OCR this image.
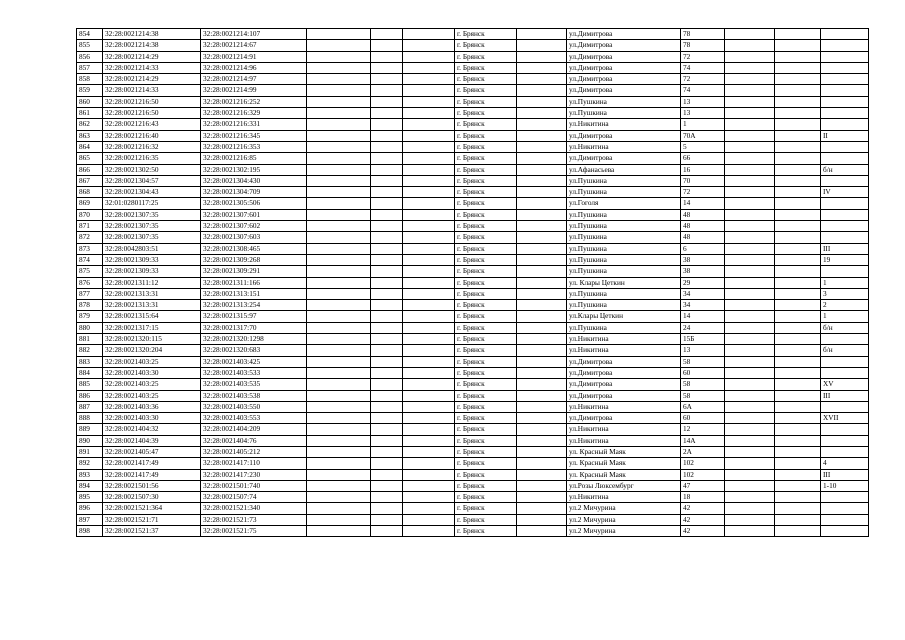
854	32:28:0021214:38	32:28:0021214:107				г. Брянск		ул.Димитрова	78			
855	32:28:0021214:38	32:28:0021214:67				г. Брянск		ул.Димитрова	78			
856	32:28:0021214:29	32:28:0021214:91				г. Брянск		ул.Димитрова	72			
857	32:28:0021214:33	32:28:0021214:96				г. Брянск		ул.Димитрова	74			
858	32:28:0021214:29	32:28:0021214:97				г. Брянск		ул.Димитрова	72			
859	32:28:0021214:33	32:28:0021214:99				г. Брянск		ул.Димитрова	74			
860	32:28:0021216:50	32:28:0021216:252				г. Брянск		ул.Пушкина	13			
861	32:28:0021216:50	32:28:0021216:329				г. Брянск		ул.Пушкина	13			
862	32:28:0021216:43	32:28:0021216:331				г. Брянск		ул.Никитина	1			
863	32:28:0021216:40	32:28:0021216:345				г. Брянск		ул.Димитрова	70А			II
864	32:28:0021216:32	32:28:0021216:353				г. Брянск		ул.Никитина	5			
865	32:28:0021216:35	32:28:0021216:85				г. Брянск		ул.Димитрова	66			
866	32:28:0021302:50	32:28:0021302:195				г. Брянск		ул.Афанасьева	16			б/н
867	32:28:0021304:57	32:28:0021304:430				г. Брянск		ул.Пушкина	70			
868	32:28:0021304:43	32:28:0021304:709				г. Брянск		ул.Пушкина	72			IV
869	32:01:0280117:25	32:28:0021305:506				г. Брянск		ул.Гоголя	14			
870	32:28:0021307:35	32:28:0021307:601				г. Брянск		ул.Пушкина	48			
871	32:28:0021307:35	32:28:0021307:602				г. Брянск		ул.Пушкина	48			
872	32:28:0021307:35	32:28:0021307:603				г. Брянск		ул.Пушкина	48			
873	32:28:0042803:51	32:28:0021308:465				г. Брянск		ул.Пушкина	6			III
874	32:28:0021309:33	32:28:0021309:268				г. Брянск		ул.Пушкина	38			19
875	32:28:0021309:33	32:28:0021309:291				г. Брянск		ул.Пушкина	38			
876	32:28:0021311:12	32:28:0021311:166				г. Брянск		ул. Клары Цеткин	29			1
877	32:28:0021313:31	32:28:0021313:151				г. Брянск		ул.Пушкина	34			3
878	32:28:0021313:31	32:28:0021313:254				г. Брянск		ул.Пушкина	34			2
879	32:28:0021315:64	32:28:0021315:97				г. Брянск		ул.Клары Цеткин	14			1
880	32:28:0021317:15	32:28:0021317:70				г. Брянск		ул.Пушкина	24			б/н
881	32:28:0021320:115	32:28:0021320:1298				г. Брянск		ул.Никитина	15Б			
882	32:28:0021320:204	32:28:0021320:683				г. Брянск		ул.Никитина	13			б/н
883	32:28:0021403:25	32:28:0021403:425				г. Брянск		ул.Димитрова	58			
884	32:28:0021403:30	32:28:0021403:533				г. Брянск		ул.Димитрова	60			
885	32:28:0021403:25	32:28:0021403:535				г. Брянск		ул.Димитрова	58			XV
886	32:28:0021403:25	32:28:0021403:538				г. Брянск		ул.Димитрова	58			III
887	32:28:0021403:36	32:28:0021403:550				г. Брянск		ул.Никитина	6А			
888	32:28:0021403:30	32:28:0021403:553				г. Брянск		ул.Димитрова	60			XVII
889	32:28:0021404:32	32:28:0021404:209				г. Брянск		ул.Никитина	12			
890	32:28:0021404:39	32:28:0021404:76				г. Брянск		ул.Никитина	14А			
891	32:28:0021405:47	32:28:0021405:212				г. Брянск		ул. Красный Маяк	2А			
892	32:28:0021417:49	32:28:0021417:110				г. Брянск		ул. Красный Маяк	102			4
893	32:28:0021417:49	32:28:0021417:230				г. Брянск		ул. Красный Маяк	102			III
894	32:28:0021501:56	32:28:0021501:740				г. Брянск		ул.Розы Люксембург	47			1-10
895	32:28:0021507:30	32:28:0021507:74				г. Брянск		ул.Никитина	18			
896	32:28:0021521:364	32:28:0021521:340				г. Брянск		ул.2 Мичурина	42			
897	32:28:0021521:71	32:28:0021521:73				г. Брянск		ул.2 Мичурина	42			
898	32:28:0021521:37	32:28:0021521:75				г. Брянск		ул.2 Мичурина	42			
